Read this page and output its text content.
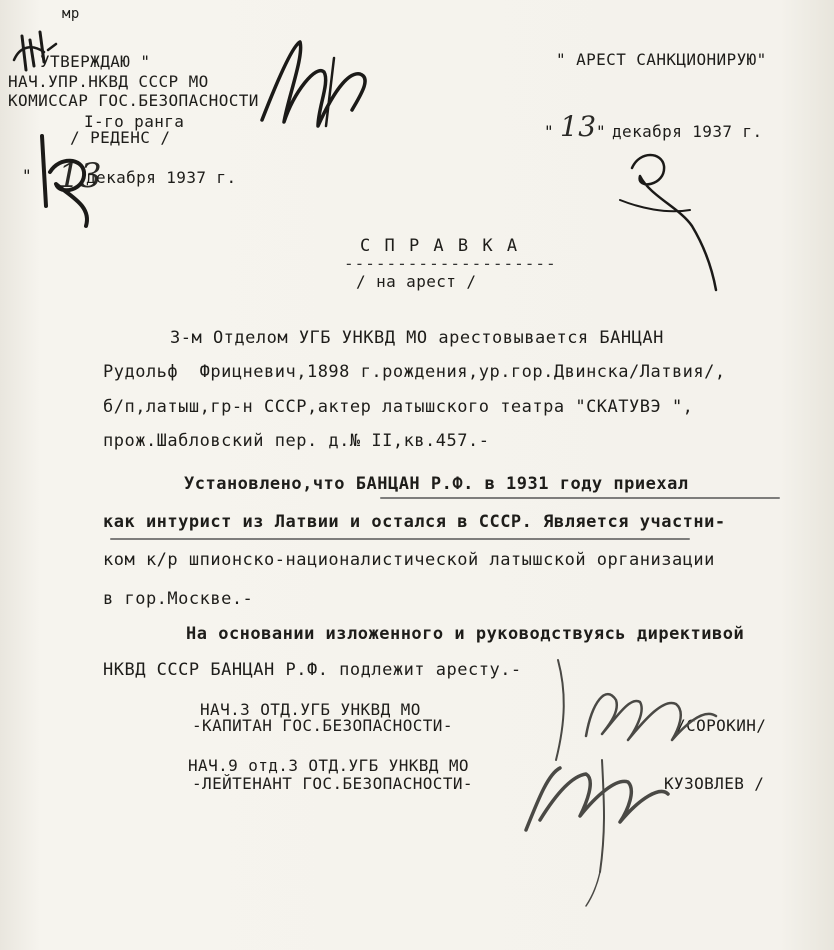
мр
УТВЕРЖДАЮ "
НАЧ.УПР.НКВД СССР МО
КОМИССАР ГОС.БЕЗОПАСНОСТИ
I-го ранга
/ РЕДЕНС /
" 13
декабря 1937 г.
" АРЕСТ САНКЦИОНИРУЮ"
" 13 " декабря 1937 г.
С П Р А В К А
--------------------
/ на арест /
3-м Отделом УГБ УНКВД МО арестовывается БАНЦАН
Рудольф  Фрицневич,1898 г.рождения,ур.гор.Двинска/Латвия/,
б/п,латыш,гр-н СССР,актер латышского театра "СКАТУВЭ ",
прож.Шабловский пер. д.№ II,кв.457.-
Установлено,что БАНЦАН Р.Ф. в 1931 году приехал
как интурист из Латвии и остался в СССР. Является участни-
ком к/р шпионско-националистической латышской организации
в гор.Москве.-
На основании изложенного и руководствуясь директивой
НКВД СССР БАНЦАН Р.Ф. подлежит аресту.-
НАЧ.3 ОТД.УГБ УНКВД МО
-КАПИТАН ГОС.БЕЗОПАСНОСТИ-	/СОРОКИН/
НАЧ.9 отд.3 ОТД.УГБ УНКВД МО
-ЛЕЙТЕНАНТ ГОС.БЕЗОПАСНОСТИ-	КУЗОВЛЕВ /
